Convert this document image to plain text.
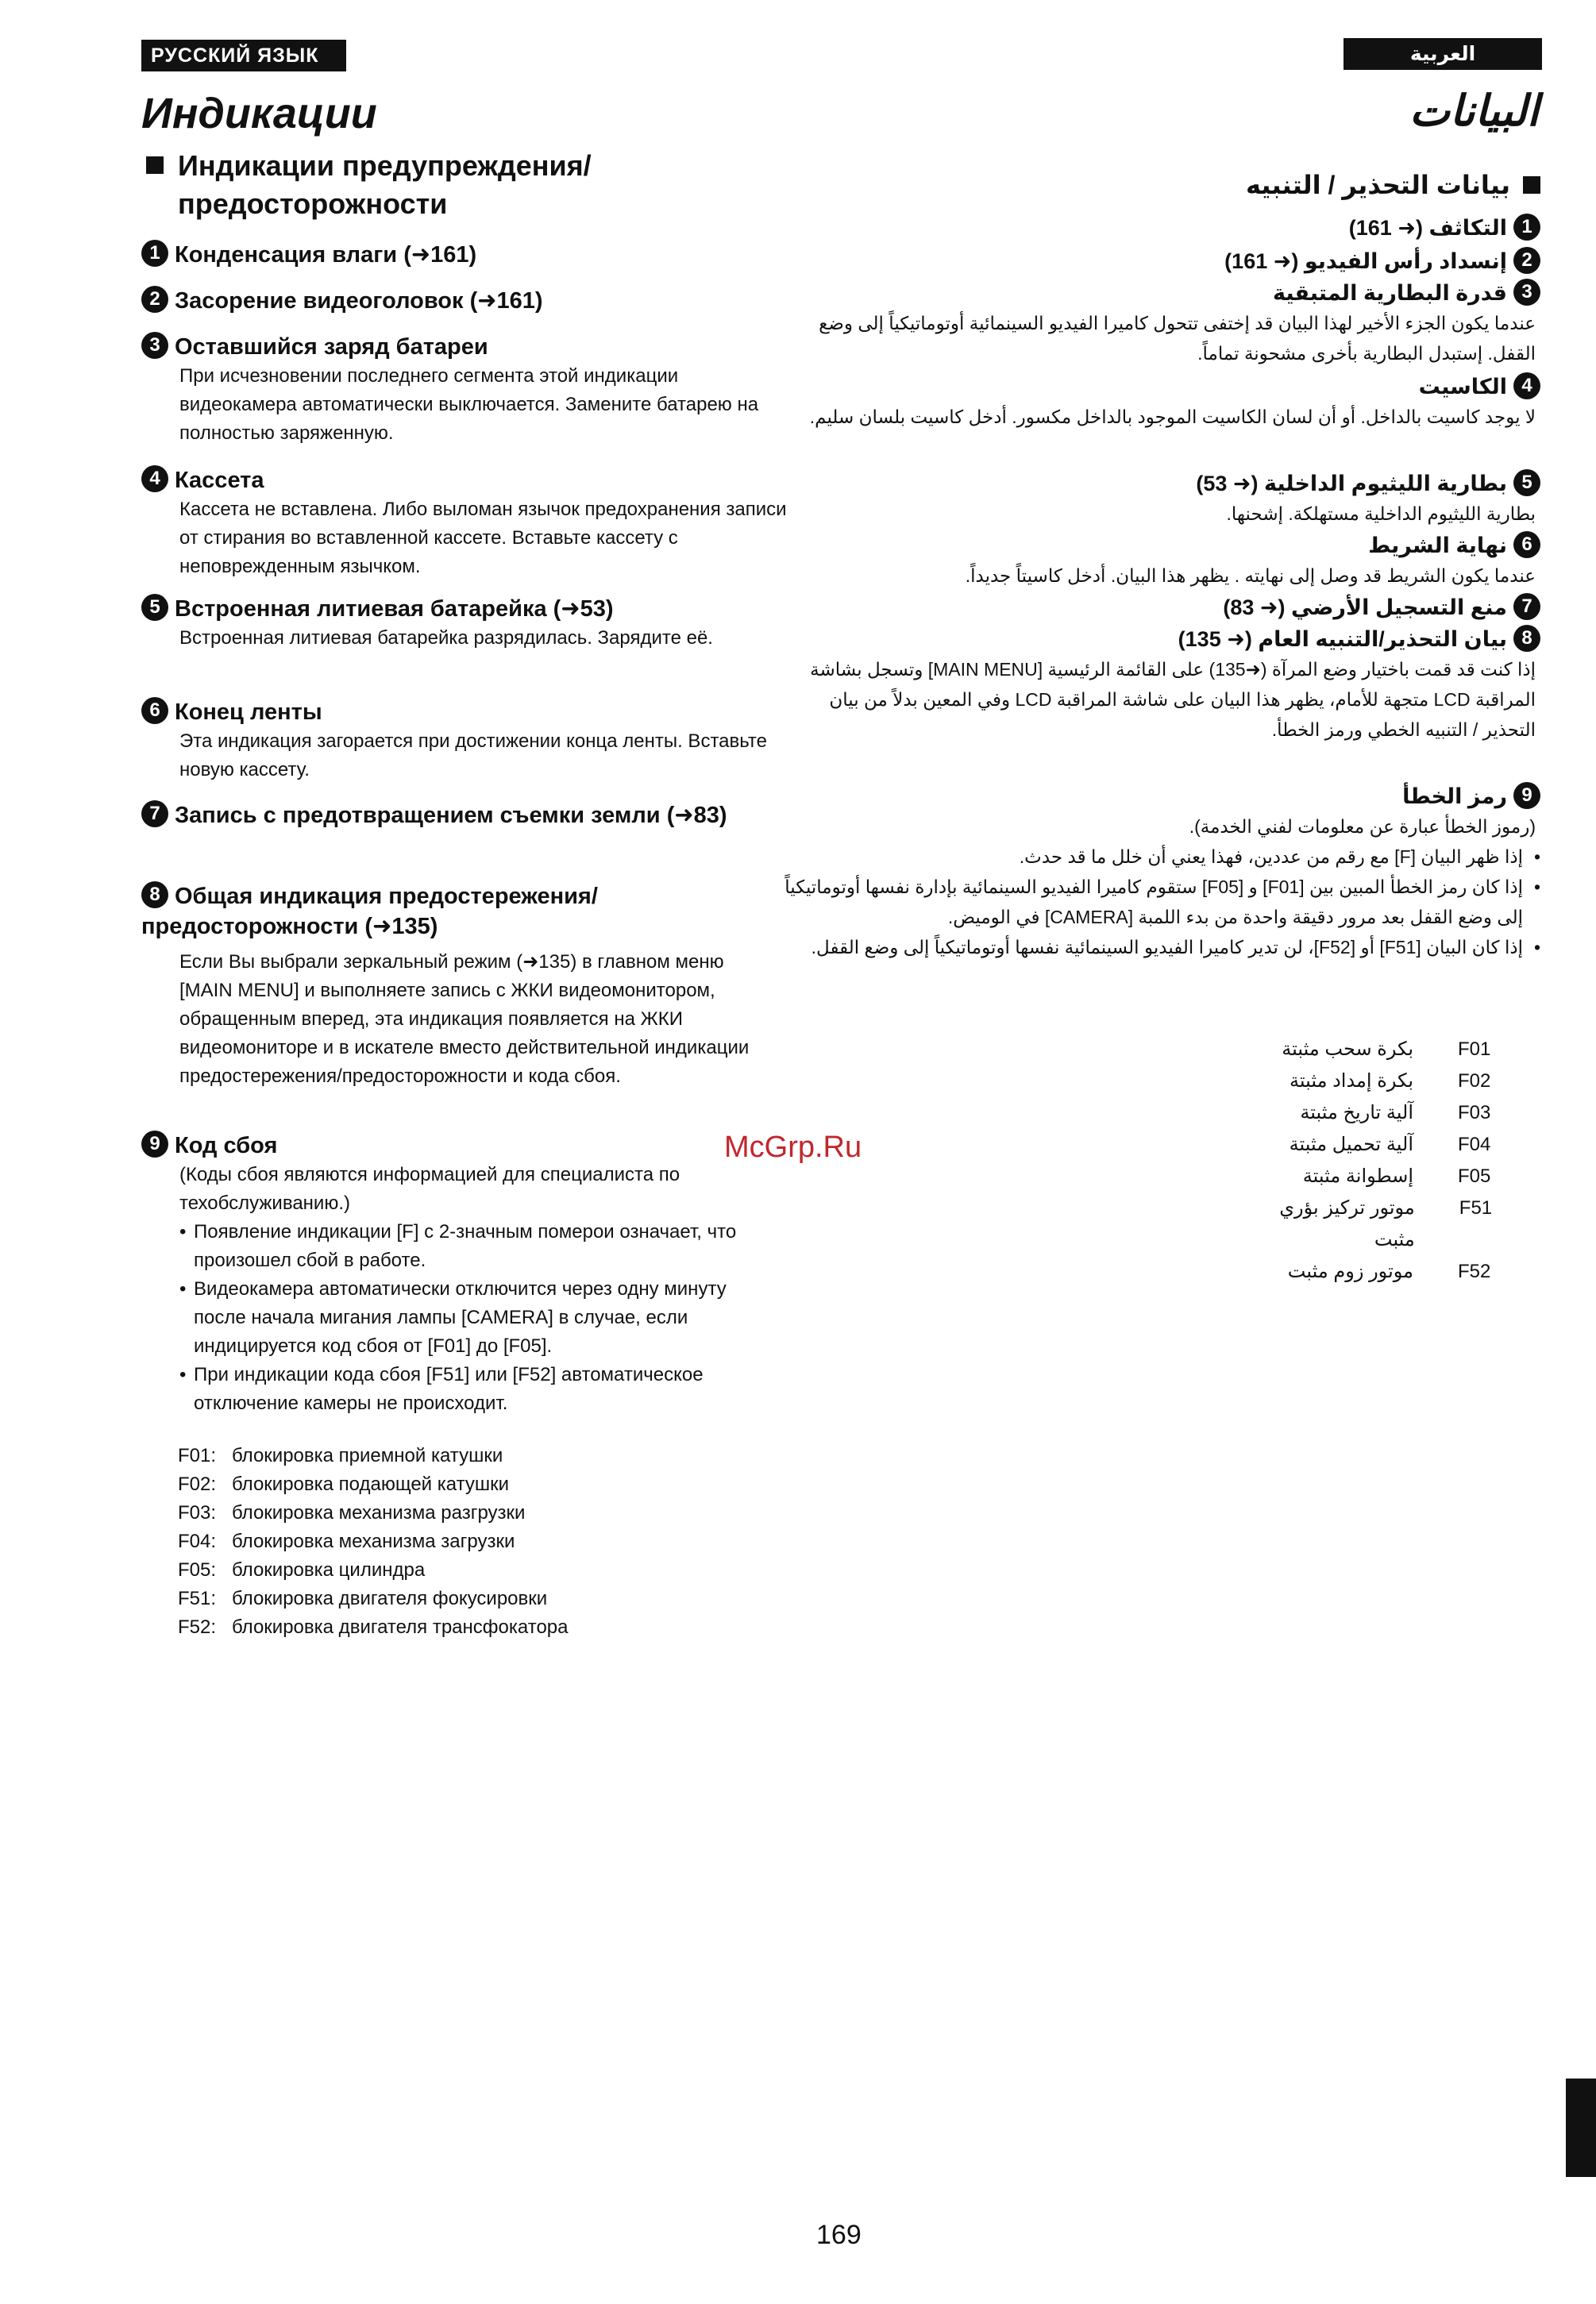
РУССКИЙ ЯЗЫК	العربية
Индикации	البيانات
Индикации предупреждения/
предосторожности
1 Конденсация влаги (➜161)
2 Засорение видеоголовок (➜161)
3 Оставшийся заряд батареи
При исчезновении последнего сегмента этой индикации видеокамера автоматически выключается. Замените батарею на полностью заряженную.
4 Кассета
Кассета не вставлена. Либо выломан язычок предохранения записи от стирания во вставленной кассете. Вставьте кассету с неповрежденным язычком.
5 Встроенная литиевая батарейка (➜53)
Встроенная литиевая батарейка разрядилась. Зарядите её.
6 Конец ленты
Эта индикация загорается при достижении конца ленты. Вставьте новую кассету.
7 Запись с предотвращением съемки земли (➜83)
8 Общая индикация предостережения/ предосторожности (➜135)
Если Вы выбрали зеркальный режим (➜135) в главном меню [MAIN MENU] и выполняете запись с ЖКИ видеомонитором, обращенным вперед, эта индикация появляется на ЖКИ видеомониторе и в искателе вместо действительной индикации предостережения/предосторожности и кода сбоя.
9 Код сбоя
(Коды сбоя являются информацией для специалиста по техобслуживанию.)
• Появление индикации [F] с 2-значным померои означает, что произошел сбой в работе.
• Видеокамера автоматически отключится через одну минуту после начала мигания лампы [CAMERA] в случае, если индицируется код сбоя от [F01] до [F05].
• При индикации кода сбоя [F51] или [F52] автоматическое отключение камеры не происходит.
F01: блокировка приемной катушки
F02: блокировка подающей катушки
F03: блокировка механизма разгрузки
F04: блокировка механизма загрузки
F05: блокировка цилиндра
F51: блокировка двигателя фокусировки
F52: блокировка двигателя трансфокатора
McGrp.Ru
بيانات التحذير / التنبيه
1التكاثف (➜ 161)
2إنسداد رأس الفيديو (➜ 161)
3قدرة البطارية المتبقية
عندما يكون الجزء الأخير لهذا البيان قد إختفى تتحول كاميرا الفيديو السينمائية أوتوماتيكياً إلى وضع القفل. إستبدل البطارية بأخرى مشحونة تماماً.
4الكاسيت
لا يوجد كاسيت بالداخل. أو أن لسان الكاسيت الموجود بالداخل مكسور. أدخل كاسيت بلسان سليم.
5بطارية الليثيوم الداخلية (➜ 53)
بطارية الليثيوم الداخلية مستهلكة. إشحنها.
6نهاية الشريط
عندما يكون الشريط قد وصل إلى نهايته . يظهر هذا البيان. أدخل كاسيتاً جديداً.
7منع التسجيل الأرضي (➜ 83)
8بيان التحذير/التنبيه العام (➜ 135)
إذا كنت قد قمت باختيار وضع المرآة (➜135) على القائمة الرئيسية [MAIN MENU] وتسجل بشاشة المراقبة LCD متجهة للأمام، يظهر هذا البيان على شاشة المراقبة LCD وفي المعين بدلاً من بيان التحذير / التنبيه الخطي ورمز الخطأ.
9رمز الخطأ
(رموز الخطأ عبارة عن معلومات لفني الخدمة).
• إذا ظهر البيان [F] مع رقم من عددين، فهذا يعني أن خلل ما قد حدث.
• إذا كان رمز الخطأ المبين بين [F01] و [F05] ستقوم كاميرا الفيديو السينمائية بإدارة نفسها أوتوماتيكياً إلى وضع القفل بعد مرور دقيقة واحدة من بدء اللمبة [CAMERA] في الوميض.
• إذا كان البيان [F51] أو [F52]، لن تدير كاميرا الفيديو السينمائية نفسها أوتوماتيكياً إلى وضع القفل.
بكرة سحب مثبتة F01
بكرة إمداد مثبتة F02
آلية تاريخ مثبتة F03
آلية تحميل مثبتة F04
إسطوانة مثبتة F05
موتور تركيز بؤري مثبت
F51
موتور زوم مثبت F52
169
